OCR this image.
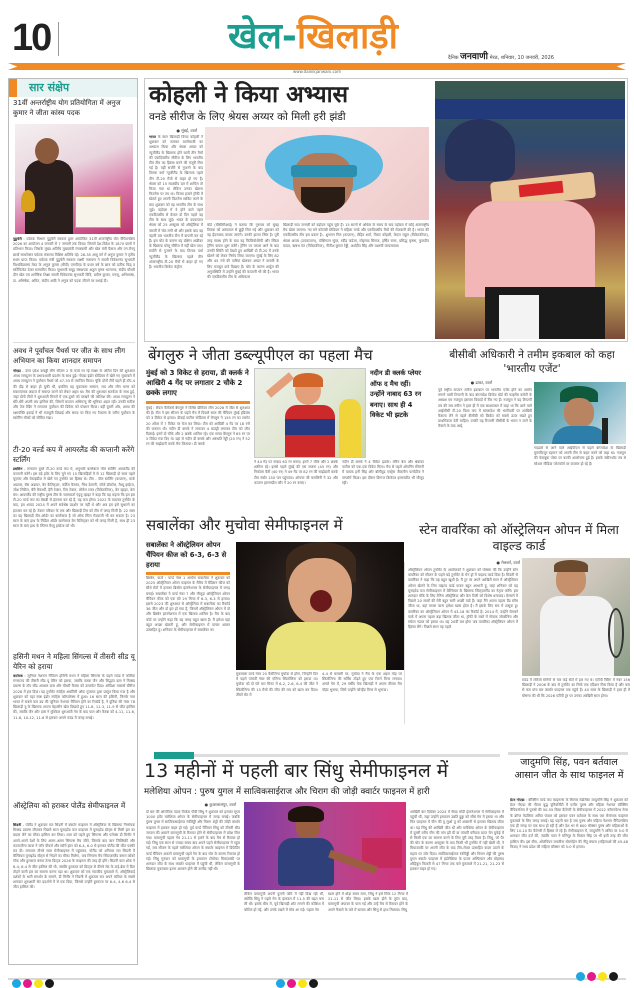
10	खेल-खिलाड़ी
दैनिक जनवाणी मेरठ, शनिवार, 10 जनवरी, 2026
www.dainikjanwani.com
सार संक्षेप
31वीं अन्तर्राष्ट्रीय योग प्रतियोगिता में अनुज कुमार ने जीता कांस्य पदक
पुडुचेरी - पर्यटक विभाग पुडुचेरी सरकार द्वारा आयोजित 31वीं अन्तर्राष्ट्रीय योग चैंपियनशिप 2026 का आयोजन 4 जनवरी से 7 जनवरी तक किया। जिसमें देश-विदेश के 1870 छात्रों ने प्रतिभाग किया। जिसके मुख्य अतिथि मुख्यमंत्री रंगास्वामी और खेल मंत्री फैसल और एन.मैनपू छात्रों साथरेक्टर पर्यटक मंत्रालय विशिष्ट अतिथि रहे। 28-35 आयु वर्ग में अनुज कुमार ने तृतीय स्थान प्राप्त किया। पर्यटक मंत्री पुडुचेरी सरकार लक्ष्मी नारायण ने स्वामी विवेकानंद सुभारती विश्वविद्यालय मेरठ के अनुज कुमार (बीपी) एमपीएड के प्रथम वर्ष के छात्र को प्रतीक चिह्न व सर्टिफिकेट देकर सम्मानित किया। सुभारती समूह संस्थापक अतुल कृष्ण भटनागर, संदीप चौधरी डीन खेल एवं शारीरिक शिक्षा स्वामी विवेकानंद सुभारती विवि, प्रवीण कुमार, मनसू, अभिलाषा, डा. अभिषेक, अमित, संदीप आदि ने अनुज को पदक जीतने पर बधाई दी।
अवध ने पूर्वांचल पैंथर्स पर जीत के साथ लीग अभियान का किया शानदार समापन
नोएडा - उत्तर प्रदेश कबड्डी लीग सीज़न 2 के कार्य रत रहे साक्षा के अंतिम दिन की शुरुआत अवध रामदूतन के प्रभावशाली प्रदर्शन के साथ हुई। नोएडा इंडोर स्टेडियम में खेले गए मुकाबले में अवध रामदूतन ने पूर्वांचल पैंथर्स को 47-33 से पराजित किया। चूंकि दोनों टीमें पहले ही टॉप-4 की दौड़ से बाहर हो चुकी थीं, इसलिए यह मुकाबला सम्मान, लय और लीग चरण को सकारात्मक अंदाज में समाप्त करने को लेकर अहम था। मैच की शुरुआत सतर्कता के साथ हुई, जहां दोनों टीमों ने शुरुआती मिनटों में एक-दूसरे को परखने की कोशिश की। अवध रामदूतन ने धीरे-धीरे अपनी लय हासिल की, जिसमें कप्तान अभिमन्यु की भूमिका अहम रही। उनकी सटीक और तेज रेडिंग ने लगातार पूर्वांचल की डिफेंस को परेशान किया। वहीं दूसरी ओर, अवध की रक्षापंक्ति इकाई ने भी मजबूती दिखाई और समय पर किए गए टैकल्स के जरिए पूर्वांचल के स्कोरिंग मौकों को सीमित रखा।
टी-20 वर्ल्ड कप में आयरलैंड की कप्तानी करेंगे स्टर्लिंग
डबलिन - लगातार दूसरे टी-20 वर्ल्ड कप में, अनुभवी बल्लेबाज पॉल स्टर्लिंग आयरलैंड की कप्तानी करेंगे। इस बड़े इवेंट के लिए चुने गए 15 खिलाड़ियों में से 12 खिलाड़ी दो साल पहले यूएसए और वेस्टइंडीज में खेले गए टूर्नामेंट का हिस्सा थे। टीम - पॉल स्टर्लिंग (कप्तान), मार्क अडायर, रॉस अडायर, बेन कैलिट्ज़र, कर्टिस कैम्फर, गैरेथ डेलानी, जॉर्ज डॉकरेल, मैथ्यू हम्फ्रेज, जोश लिटिल, बैरी मैकार्थी, हैरी टेक्टर, टिम टेक्टर, लोर्कन टकर (विकेटकीपर), बेन व्हाइट, क्रेग यंग। आयरलैंड की राष्ट्रीय पुरुष टीम के चयनकर्ता एंड्रयू व्हाइट ने कहा कि यह कहना कि हम इस टी-20 वर्ल्ड कप का बेसब्री से इंतजार कर रहे हैं, यह कम होगा। 2022 के यादगार टूर्नामेंट के बाद, हम शायद 2024 में अपने सर्वश्रेष्ठ प्रदर्शन पर नहीं थे और अब हम इसे सुधारने का इंतजार कर रहे हैं। टेक्टर परिवार के एक और खिलाड़ी टिम को टीम में जगह मिली है। 22 साल का यह खिलाड़ी टीम-ऑर्डर का बल्लेबाज है जो ऑफ स्पिन गेंदबाजी भी कर सकता है। 23 साल के बाएं हाथ के मिडिल ऑर्डर बल्लेबाज बेन कैलिट्ज़र को भी जगह मिली है, साथ ही 23 साल के बाएं हाथ के स्पिनर मैथ्यू हम्फ्रेज को भी।
हसिनी मथन ने महिला सिंगल्स में तीसरी सीड यू येरिन को हराया
कटोरक : जूनियर नेशनल चैंपियन हसिनी मथन ने महिला सिंगल्स के पहले राउंड में कोरिया गणराज्य की तीसरी सीड यू येरिन को हराया, जबकि पलक जैन और सिद्धांत दास ने मिक्स्ड डबल्स के टॉप सीड अवधार दास और चौधरी कैरबा को उलटफेर दिया। ओडिशा मास्टर्स सीरीज 2026 में हार दिया। यह टूर्नामेंट स्पोर्ट्स अथॉरिटी ऑफ गुजरात द्वारा प्रस्तुत किया गया है और शुक्रवार को यहां स्पष्ट इंडोर स्पोर्ट्स कॉम्पलेक्स में हुआ। 16 साल की हसिनी, जिनके नाम भारत में सबसे कम उम्र की जूनियर नेशनल चैंपियन होने का रिकॉर्ड है, ने दुनिया की नंबर 78 खिलाड़ी यू के खिलाफ अपना बेहतरीन खेल दिखाते हुए 11-8, 11-3, 11-9 से जीत हासिल की, जबकि जैन और दास ने मुश्किल शुरुआती गेम के बाद पाल और कैरबा को 4-11, 11-6, 11-8, 10-12, 11-6 से हराकर अगले राउंड में जगह बनाई।
ऑस्ट्रेलिया को हराकर पोलैंड सेमीफाइनल में
सिडनी - पोलैंड ने शुक्रवार रात सिडनी में क्वार्टर फाइनल में ऑस्ट्रेलिया के खिलाफ निर्णायक मिक्स्ड डबल्स जीतकर पिछले साल यूनाइटेड कप फाइनल में यूनाइटेड स्टेट्स से मिली हार का बदला लेने का मौका हासिल कर लिया। शाम को पहले हुए सिंगल्स और एलेक्स डी मिनौर ने अपने-अपने देशों के लिए अलग-अलग सिंगल्स मैच जीते, जिसके बाद जान जिलिंस्की और कटारज़ीना कावा ने जॉन पीयर्स और स्टॉर्म हंटर को 6-4, 6-0 से हराकर पोलैंड की जीत पक्की कर दी। लगातार तीसरे साल सेमीफाइनल में पहुंचकर, पोलैंड को शनिवार रात सिडनी में बेल्जियम यूनाइटेड स्टेट्स से भिड़ने का मौका मिलेगा, जब सिंगल्स मैच स्विटज़रलैंड बनाम कोको गॉफ और हुरकाज बनाम टेलर फ्रिट्ज़ 2026 के फाइनल की तरह ही होंगे। सिडनी वाल शोक ने 6-4, 6-4 से जीत हासिल की थी, जबकि हुरकाज को फ्रिट्ज़ से तीसरे सेट के टाई-ब्रेक में दिल तोड़ने वाली हार का सामना करना पड़ा था। शुक्रवार को एक नाटकीय मुकाबले में, ऑस्ट्रेलियाई दर्शकों के भारी समर्थन के सामने, डी मिनौर ने सिडनी में शुक्रवार रात अपने करियर के सबसे शानदार शुरुआती सेट प्रदर्शनों में से एक दिया, जिससे उन्होंने हुरकाज पर 6-4, 4-6 6-4 से जीत हासिल की।
कोहली ने किया अभ्यास
वनडे सीरीज के लिए श्रेयस अय्यर को मिली हरी झंडी
● मुंबई, वार्ता
भारत के स्टार खिलाड़ी विराट कोहली ने शुक्रवार को जमकर बल्लेबाजी का अभ्यास किया और श्रेयस अय्यर को न्यूजीलैंड के खिलाफ होने वाली तीन मैचों की एकदिवसीय सीरीज के लिए भारतीय टीम टीम का हिस्सा बनने की मंजूरी मिल गई है। वहीं सर्जरी से गुजरने के बाद तिलक वर्मा न्यूजीलैंड के खिलाफ पहले तीन टी-20 मैचों से बाहर हो गए हैं। श्रेयस को 15 सदस्यीय दल में शामिल तो किया गया था लेकिन उनका खेलना फिटनेस पर तय था। विजय हजारे ट्रॉफी में खेलते हुए अपनी फिटनेस साबित करने के बाद शुक्रवार को वह भारतीय टीम के साथ जुड़े। वड़ोदरा में वे होने वाले पहले एकदिवसीय से केवल दो दिन पहले वह टीम के साथ जुड़े। भारत के उपकप्तान श्रेयस को 25 अक्टूबर को ऑस्ट्रेलिया में पसली में चोट लगी थी और इसके बाद वह पहली बार भारतीय टीम में वापसी कर रहे हैं। इस चोट के कारण वह दक्षिण अफ्रीका के खिलाफ घरेलू सीरीज में नहीं खेल पाए। सर्जरी से गुजरने के बाद तिलक वर्मा न्यूजीलैंड के खिलाफ पहले तीन अंतरराष्ट्रीय टी-20 मैचों से बाहर हो गए हैं। भारतीय क्रिकेट कंट्रोल
बोर्ड (बीसीसीआई) ने बताया कि गुरुवार को सुबह तिलक को अस्पताल से छुट्टी मिल गई और शुक्रवार को वह हैदराबाद वापस जाएंगे। उनकी हालत स्थिर है। पूरी तरह स्वस्थ होने के बाद वह फिजियोथेरेपी और स्किल ट्रेनिंग वापस शुरू करेंगे। ट्रेनिंग पर वापस आने के बाद उनकी स्थिति को देखते हुए आखिरी दो टी-20 में उनके खेलने को लेकर निर्णय लिया जाएगा। मुंबई के लिए 82 और 45 रनों की पारियां खेलकर अय्यर ने वापसी के लिए मजबूत दावे दिखाए हैं। चोट के कारण शार्दुल की अनुपस्थिति में उन्होंने मुंबई की कप्तानी भी की है। भारत की एकदिवसीय टीम के अधिकतर
खिलाड़ी सात जनवरी को वड़ोदरा पहुंच चुके हैं। 15 सालों से अधिक के समय के बाद वड़ोदरा में कोई अंतरराष्ट्रीय मैच खेला जाएगा। नए बने कोटांबी स्टेडियम ने महिला वनडे और एकदिवसीय मैचों की मेजबानी की है। भारत की एकदिवसीय टीम इस प्रकार है:- शुभमन गिल (कप्तान), रोहित शर्मा, विराट कोहली, केएल राहुल (विकेटकीपर), श्रेयस अय्यर (उपकप्तान), वॉशिंगटन सुंदर, रवींद्र जडेजा, मोहम्मद सिराज, हर्षित राणा, प्रसिद्ध कृष्णा, कुलदीप यादव, ऋषभ पंत (विकेटकीपर), नीतीश कुमार रेड्डी, अर्शदीप सिंह और यशस्वी जायसवाल।
बेंगलुरु ने जीता डब्ल्यूपीएल का पहला मैच
मुंबई को 3 विकेट से हराया, डी क्लर्क ने आखिरी 4 गेंद पर लगातार 2 चौके 2 छक्के लगाए
मुंबई : रॉयल चैलेंजर्स बेंगलुरु ने विमेंस प्रीमियर लीग 2026 में जीत से शुरुआत की है। टीम ने इस सीजन के पहले मैच में पिछले साल की चैंपियन मुंबई इंडियंस को 3 विकेट से हराया। डीवाई पाटील स्टेडियम में बेंगलुरु ने 155 रन का टारगेट 20 ओवर में 7 विकेट पर चेज कर लिया। टीम को आखिरी 4 गेंद पर 18 रनों की जरूरत थी। नदीन डी क्लर्क ने लगातार 4 बाउंड्री लगाकर टीम को जीत दिलाई। इनमें दो चौके और 2 छक्के शामिल रहे। एक समय बेंगलुरु ने 65 रन पर 5 विकेट गंवा दिए थे। यहां से नदीन डी क्लर्क और अरुंधति रेड्डी (20 रन) ने 52 रन की साझेदारी करके मैच जिताया। डी क्लर्क
नदीन डी क्लर्क प्लेयर ऑफ द मैच रहीं। उन्होंने नाबाद 63 रन बनाए। साथ ही 4 विकेट भी झटके
ने 44 गेंद पर नाबाद 63 रन बनाए। इनमें 7 चौके और 2 छक्के शामिल रहे। इससे पहले मुंबई की एस सजना (45 रन) और निकोला कैरी (40 रन) ने 49 गेंद पर 82 रन की साझेदारी करके टीम स्कोर 150 पार पहुंचाया। ओपनर जी कमलिनी ने 32 और कप्तान हरमनप्रीत कौर ने 20 रन बनाए।
नदीन डी क्लर्क ने 4 विकेट झटके। लॉरेन बेल और श्रेयांका पाटील को एक-एक विकेट मिला। मैच से पहले ओपनिंग सेरेमनी में यायक हनी सिंह और बॉलीवुड एक्ट्रेस जैकलीन फर्नांडीज ने परफॉर्म किया। इस दौरान दिग्गज क्रिकेटर हरमनप्रीत भी मौजूद रहीं।
बीसीबी अधिकारी ने तमीम इकबाल को कहा 'भारतीय एजेंट'
● ढाका, वार्ता
पूर्व राष्ट्रीय कप्तान तमीम इकबाल पर भारतीय एजेंट होने का आरोप लगाने वाली टिप्पणी के बाद बांग्लादेश क्रिकेट बोर्ड की फाइनेंस कमेटी के अध्यक्ष एम नजमुल इस्लाम विवादों में घिर गए हैं। नजमुल ने यह टिप्पणी तब की जब तमीम ने हाल ही में एक साक्षात्कार में कहा था कि आने वाले आईसीसी टी-20 विश्व कप में बांग्लादेश की भागीदारी पर आखिरी फैसला लेने से पहले बीसीबी को क्रिकेट को सबसे ऊपर रखते हुए प्राथमिकता देनी चाहिए। उनकी यह टिप्पणी बीसीबी के भारत न जाने के फैसले के बाद आई,
गाइडर्स से आने वाले आईपीएल से पहले बांग्लादेश के खिलाड़ी मुस्तफिजुर रहमान को अपनी टीम से बाहर करने को कहा था। नजमुल की फेसबुक पोस्ट पर काफी आलोचना हुई है। इसके स्क्रीनशॉट तब से सोशल मीडिया प्लेटफॉर्म पर वायरल हो रहे हैं।
सबालेंका और मुचोवा सेमीफाइनल में
सबालेंका ने ऑस्ट्रेलियन ओपन चैंपियन कीज को 6-3, 6-3 से हराया
ब्रिस्बेन, वार्ता : वर्ल्ड नंबर 1 आर्यना सबालेंका ने शुक्रवार को 2025 ऑस्ट्रेलियन ओपन फाइनल के रीमैच में मैडिसन कीज को सीधे सेटों में हराकर ब्रिस्बेन इंटरनेशनल के सेमीफाइनल में जगह बनाई। सबालेंका ने वर्ल्ड नंबर 7 और मौजूदा ऑस्ट्रेलियन ओपन चैंपियन कीज को एक घंटे 29 मिनट में 6-3, 6-3 से हराया। इससे 2023 की शुरुआत से ऑस्ट्रेलिया में सबालेंका का रिकॉर्ड 36 जीत और दो हार हो गया है, जिसमें ऑस्ट्रेलियन ओपन में दो और ब्रिस्बेन इंटरनेशनल में एक खिताब शामिल है। मैच के बाद कोर्ट पर उन्होंने कहा कि यह जगह बहुत खास है। मैं हमेशा यहां बहुत अच्छा खेलती हूं, और सेमीफाइनल में वापस आकर उत्साहित हूं। शनिवार के सेमीफाइनल में सबालेंका का
मुकाबला वर्ल्ड नंबर 20 कैरोलिना मुचोवा से होगा, जिन्होंने दिन में पहले पांचवीं नंबर की एलिना स्वितोलिना को हराया था। मुचोवा को दो घंटे चार मिनट में 6-2, 2-6, 6-4 की जीत ने स्वितोलिना की 13 मैचों की जीत की लय को खत्म कर दिया। तीसरे सेट में
4-4 से बराबरी पर, मुचोवा ने मैच के एक अहम मोड़ पर स्वितोलिना की सर्विस तोड़ते हुए एक रिटर्न विनर लगाया। अगले गेम में, 29 वर्षीय चेक खिलाड़ी ने अपना तीसरा मैच पॉइंट भुनाया, जिसे उन्होंने फोरहैंड विनर से भुनाया।
स्टेन वावरिंका को ऑस्ट्रेलियन ओपन में मिला वाइल्ड कार्ड
● मेलबर्न, वार्ता
ऑस्ट्रेलियन ओपन टूर्नामेंट के आयोजकों ने शुक्रवार को घोषणा की कि उन्होंने स्टेन वावरिंका को सीजन के पहले बड़े टूर्नामेंट के मेन ड्रॉ में वाइल्ड कार्ड दिया है। सिडनी से वावरिंका ने कहा कि यह बहुत खुशी है। मैं टूर पर अपने आखिरी साल में ऑस्ट्रेलियन ओपन खेलने के लिए वाइल्ड कार्ड पाकर बहुत आभारी हूं, जहां शनिवार को यह यूनाइटेड कप सेमीफाइनल में बेल्जियम के खिलाफ स्विट्ज़रलैंड का नेतृत्व करेंगे। इस शानदार मौके के लिए टेनिस ऑस्ट्रेलिया और क्रेग टिली को विशेष धन्यवाद। मेलबर्न में पिछले 20 सालों की मेरी बहुत सारी अच्छी यादें हैं। जहां मैंने अपना पहला ग्रैंड स्लैम जीता था, वहां वापस जाना हमेशा खास होता है। मैं इसके लिए सच में उत्सुक हूं। वावरिंका का ऑस्ट्रेलियन ओपन में 43-18 का रिकॉर्ड है। 2014 में, उन्होंने मेलबर्न पार्क में अपना पहला बड़ा खिताब जीता था, ट्रॉफी के रास्ते में नोवाक जोकोविच और राफेल नडाल को हराया था। यह 20वीं बार होगा जब वावरिंका ऑस्ट्रेलियन ओपन में हिस्सा लेंगे। पिछले साल वह पहले
राउंड में लोरेंजो सोनेगो से चार कड़े सेटों में हार गए थे। एटीपी रैंकिंग में नंबर 156 खिलाड़ी ने 2006 के बाद से टूर्नामेंट का सिर्फ एक एडिशन मिस किया है और कम से कम पांच बार क्वार्टर फाइनल तक पहुंचे हैं। 40 साल के खिलाड़ी ने हाल ही में घोषणा की थी कि 2026 एटीपी टूर पर उनका आखिरी साल होगा।
13 महीनों में पहली बार सिंधु सेमीफाइनल में
मलेशिया ओपन : पुरुष युगल में सात्विकसाईराज और चिराग की जोड़ी क्वार्टर फाइनल में हारी
● कुआलालंपुर, वार्ता
दो बार की ओलंपिक पदक विजेता पीवी सिंधु ने शुक्रवार को हराकर सुपर 1000 इवेंट मलेशिया ओपन के सेमीफाइनल में जगह बनाई। जबकि पुरुष युगल में सात्विकसाईराज रंकीरेड्डी और चिराग शेट्टी की जोड़ी क्वार्टर फाइनल में हारकर बाहर हो गई। पूर्व वर्ल्ड चैंपियन सिंधु को तीसरी सीड जापान की अकाने यामागुची के रिटायर होने से सेमीफाइनल में प्रवेश मिल गया। यामागुची पहला गेम 21-11 से हारने के बाद मैच से रिटायर हो गईं। सिंधु एक साल से ज्यादा समय बाद अपने पहले सेमीफाइनल में पहुंच गईं, जब सीजन के पहले मलेशिया ओपन के क्वार्टर फाइनल में डिफेंडिंग वर्ल्ड चैंपियन अकाने यामागुची पहले गेम के बाद चोट के कारण रिटायर हो गईं। सिंधु गुरुवार को यामागुची के हमवतन टोमोका मियाज़ाकी पर शानदार जीत के साथ क्वार्टर फाइनल में पहुंची थीं, लेकिन यामागुची के खिलाफ मुकाबला इतना आसान होने की उम्मीद नहीं थी।
लेकिन यामागुची अपनी पुरानी फॉर्म में नहीं दिख रही थीं, क्योंकि सिंधु ने पहले गेम के इंटरवल में 11-5 की बढ़त बना ली थी। इसके बीच में, पूर्व खिलाड़ी शॉट लगाने की कोशिश में चोटिल हो गईं, और उनके टखने में मोच आ गई। पहला गेम
खत्म होने में थोड़ा समय लगा, सिंधु ने इसे सिर्फ 12 मिनट में 21-11 से जीत लिया। इसके खत्म होने के तुरंत बाद, यामागुची अंपायर के पास गईं और उन्हें मैच से रिटायर होने के अपने फैसले के बारे में बताया और सिंधु से हाथ मिलाया। सिंधु
आखिरी बार दिसंबर 2024 में सैयद मोदी इंटरनेशनल में सेमीफाइनल में पहुंची थीं, जहां उन्होंने हमवतन उन्नति हुड्डा को सीधे गेम में हराया था और फिर फाइनल में चीन की वू लुओ यू को आसानी से हराकर खिताब जीता था। यह सिंधु की आखिरी जीत थी और मलेशिया ओपन के सेमीफाइनल में दूसरी वरीय चीन की वांग झी यी या पांचवीं वरीयता प्राप्त चेन युफेई में से किसी एक का सामना करने के लिए पूरी तरह तैयार हैं। सिंधु, जो पैर की चोट के कारण अक्टूबर के बाद किसी भी टूर्नामेंट में नहीं खेली थीं, ने मियाज़ाकी पर अपनी जीत के बाद टीम-लेवल उत्साहित कदम उठाने के महत्व पर जोर दिया। सात्विकसाईराज रंकीरेड्डी और चिराग शेट्टी की पुरुष युगल क्वार्टर फाइनल में इंडोनेशिया के फजर अल्फियान और मोहम्मद शोहिबुल फिकरी से 47 मिनट तक चले मुकाबले में 21-21, 21-23 से हारकर बाहर हो गए।
जादुमणि सिंह, पवन बर्तवाल आसान जीत के साथ फाइनल में
ग्रेटर नोएडा : बॉक्सिंग वर्ल्ड कप फाइनल्स के सिल्वर मेडलिस्ट जादुमणि सिंह ने शुक्रवार को ग्रेटर नोएडा की गौतम बुद्ध यूनिवर्सिटी में एलीट पुरुष और महिला नेशनल बॉक्सिंग चैंपियनशिप में पुरुषों की 50-55 किग्रा कैटेगरी के सेमीफाइनल में 2022 कॉमनवेल्थ गेम्स के ब्रॉन्ज मेडलिस्ट अमित पंघाल को हराकर पवन बर्तवाल के साथ एक रोमांचक फाइनल मुकाबले के लिए जगह बनाई। यह पहली बार है जब पुरुष और महिला नेशनल चैंपियनशिप एक ही जगह पर एक साथ हो रही हैं और देश भर से 600 बॉक्सर पुरुष और महिलाओं के लिए 10-10 वेट कैटेगरी में हिस्सा ले रहे हैं। सेमीफाइनल में, जादुमणि ने अमित पर 5:0 से शानदार जीत दर्ज की, जबकि पवन ने मणिपुर के विक्टर सिंह पर भी इसी तरह की जीत हासिल की। इस बीच, ओलंपियन लवलीना बोरगोहेन की नीतू घंघास (महिलाओं की 45-48 किग्रा) ने मध्य प्रदेश की महिला बॉक्सर को 5:0 से हराया।
